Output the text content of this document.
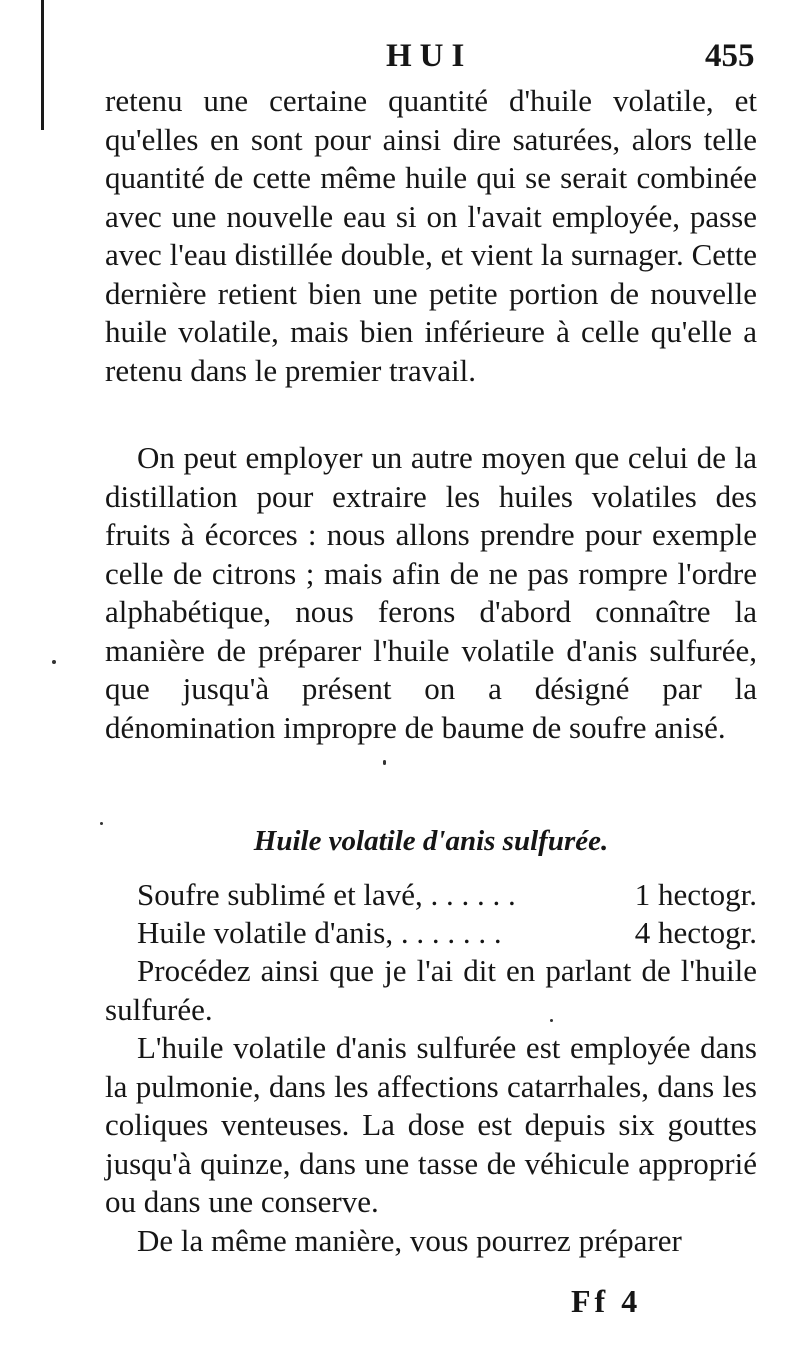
HUI	455

retenu une certaine quantité d'huile volatile, et qu'elles en sont pour ainsi dire saturées, alors telle quantité de cette même huile qui se serait combinée avec une nouvelle eau si on l'avait employée, passe avec l'eau distillée double, et vient la surnager. Cette dernière retient bien une petite portion de nouvelle huile volatile, mais bien inférieure à celle qu'elle a retenu dans le premier travail.

On peut employer un autre moyen que celui de la distillation pour extraire les huiles volatiles des fruits à écorces : nous allons prendre pour exemple celle de citrons ; mais afin de ne pas rompre l'ordre alphabétique, nous ferons d'abord connaître la manière de préparer l'huile volatile d'anis sulfurée, que jusqu'à présent on a désigné par la dénomination impropre de baume de soufre anisé.

Huile volatile d'anis sulfurée.
Soufre sublimé et lavé, . . . . . .	1 hectogr.
Huile volatile d'anis, . . . . . . .	4 hectogr.

Procédez ainsi que je l'ai dit en parlant de l'huile sulfurée.

L'huile volatile d'anis sulfurée est employée dans la pulmonie, dans les affections catarrhales, dans les coliques venteuses. La dose est depuis six gouttes jusqu'à quinze, dans une tasse de véhicule approprié ou dans une conserve.

De la même manière, vous pourrez préparer

Ff 4
